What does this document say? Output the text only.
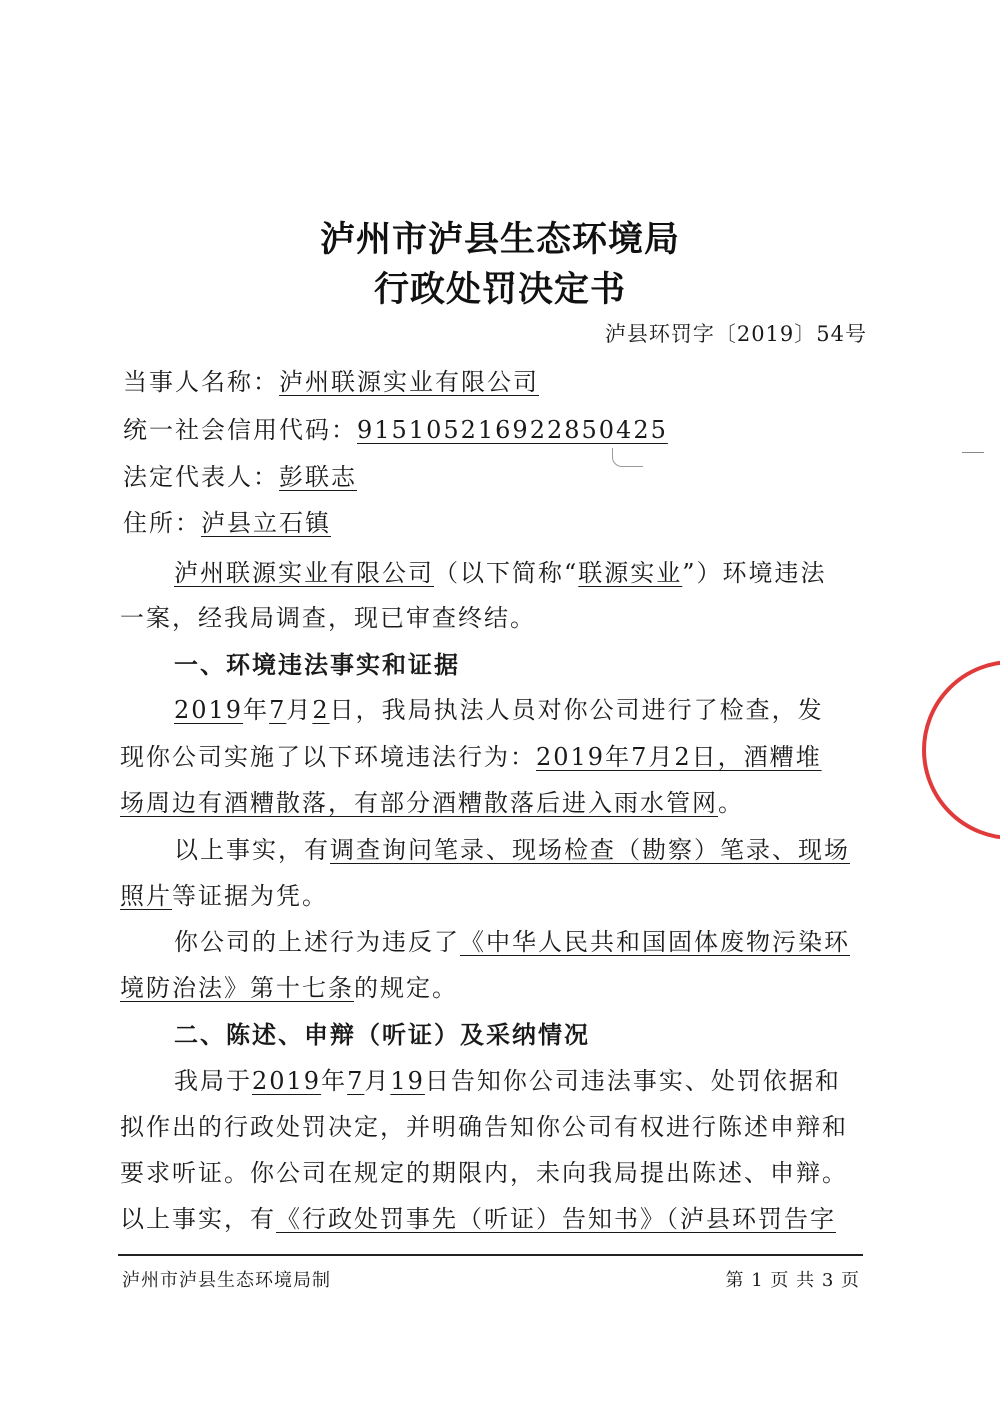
泸州市泸县生态环境局
行政处罚决定书
泸县环罚字〔2019〕54号
当事人名称：泸州联源实业有限公司
统一社会信用代码：91510521692285042​5
法定代表人：彭联志
住所：泸县立石镇
泸州联源实业有限公司（以下简称“联源实业”）环境违法
一案，经我局调查，现已审查终结。
一、环境违法事实和证据
2019年7月2日，我局执法人员对你公司进行了检查，发
现你公司实施了以下环境违法行为：2019年7月2日，酒糟堆
场周边有酒糟散落，有部分酒糟散落后进入雨水管网。
以上事实，有调查询问笔录、现场检查（勘察）笔录、现场
照片等证据为凭。
你公司的上述行为违反了《中华人民共和国固体废物污染环
境防治法》第十七条的规定。
二、陈述、申辩（听证）及采纳情况
我局于2019年7月19日告知你公司违法事实、处罚依据和
拟作出的行政处罚决定，并明确告知你公司有权进行陈述申辩和
要求听证。你公司在规定的期限内，未向我局提出陈述、申辩。
以上事实，有《行政处罚事先（听证）告知书》（泸县环罚告字
泸州市泸县生态环境局制	第 1 页 共 3 页
